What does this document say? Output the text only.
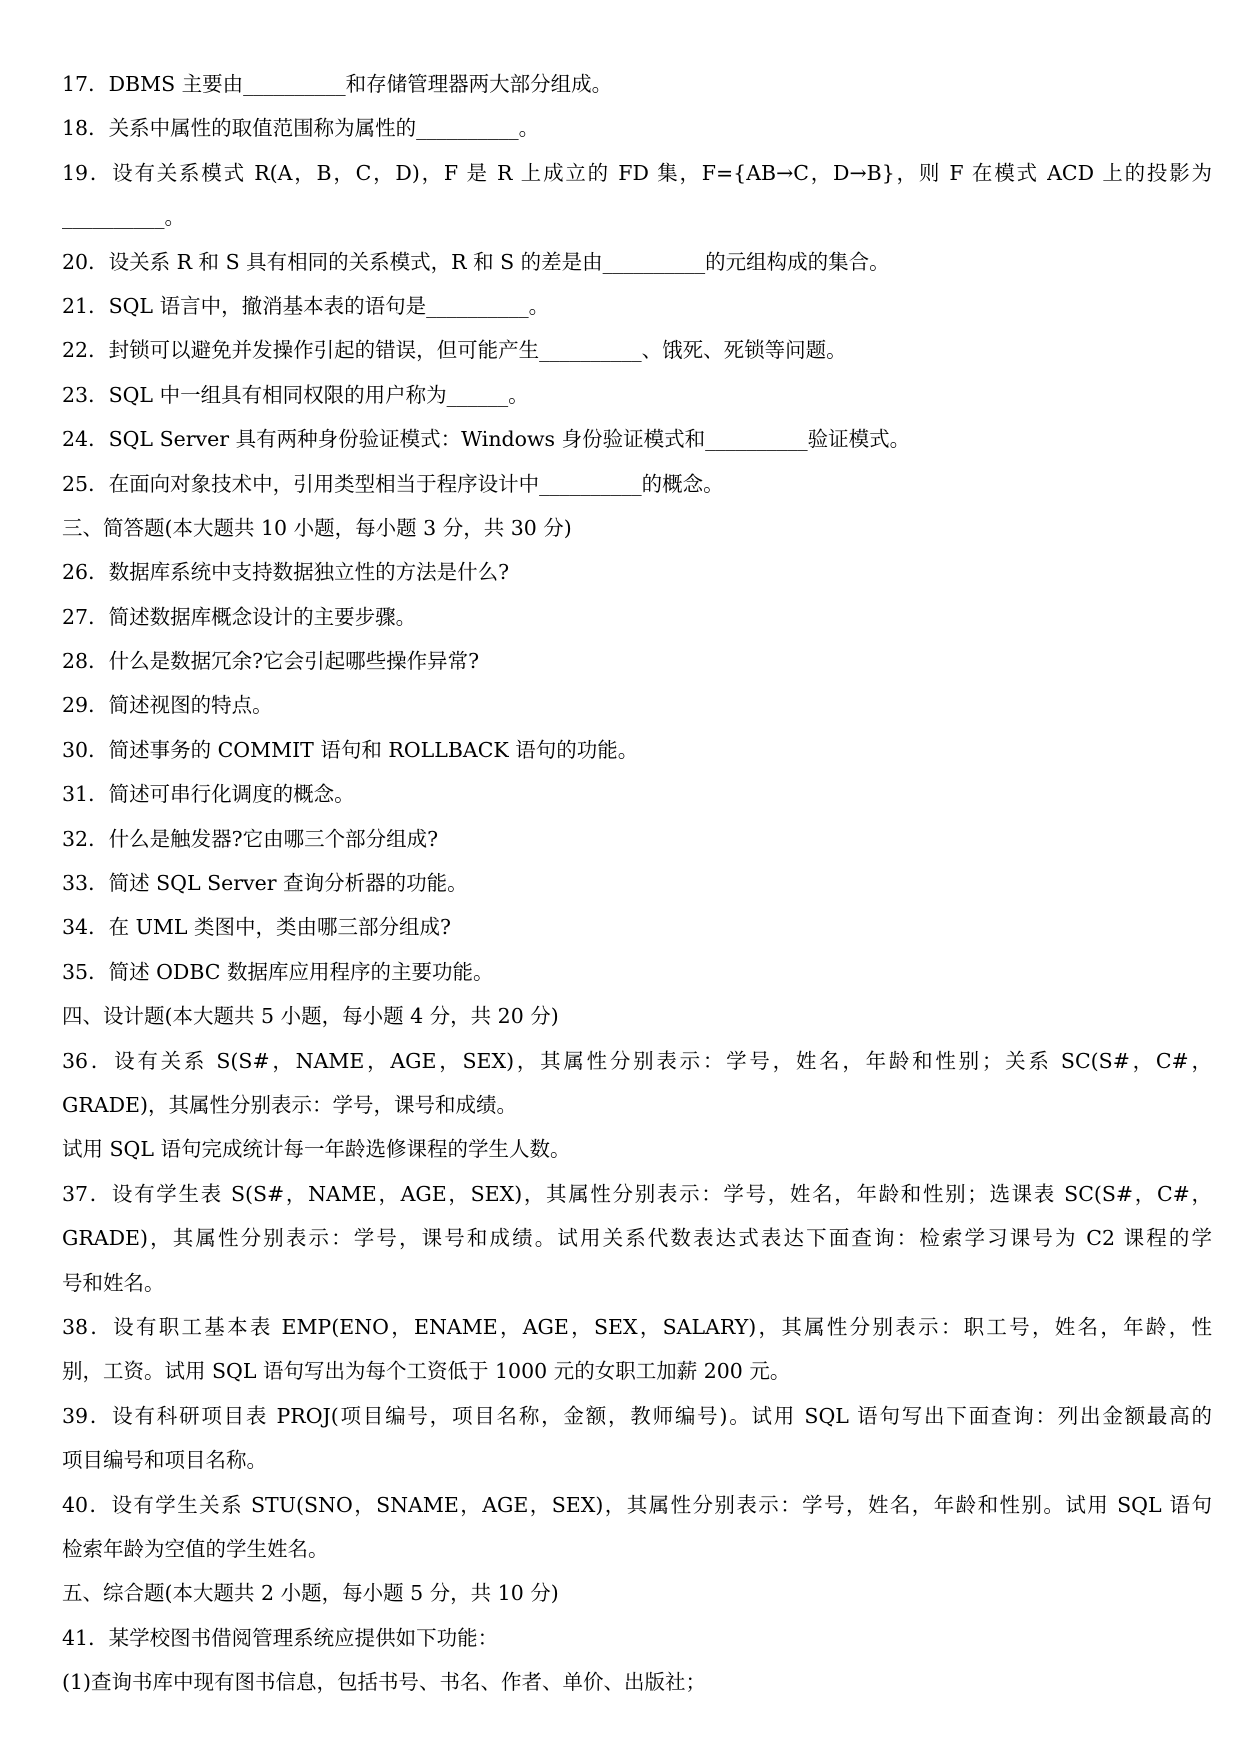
17．DBMS 主要由__________和存储管理器两大部分组成。
18．关系中属性的取值范围称为属性的__________。
19．设有关系模式 R(A，B，C，D)，F 是 R 上成立的 FD 集，F={AB→C，D→B}，则 F 在模式 ACD 上的投影为
__________。
20．设关系 R 和 S 具有相同的关系模式，R 和 S 的差是由__________的元组构成的集合。
21．SQL 语言中，撤消基本表的语句是__________。
22．封锁可以避免并发操作引起的错误，但可能产生__________、饿死、死锁等问题。
23．SQL 中一组具有相同权限的用户称为______。
24．SQL Server 具有两种身份验证模式：Windows 身份验证模式和__________验证模式。
25．在面向对象技术中，引用类型相当于程序设计中__________的概念。
三、简答题(本大题共 10 小题，每小题 3 分，共 30 分)
26．数据库系统中支持数据独立性的方法是什么?
27．简述数据库概念设计的主要步骤。
28．什么是数据冗余?它会引起哪些操作异常?
29．简述视图的特点。
30．简述事务的 COMMIT 语句和 ROLLBACK 语句的功能。
31．简述可串行化调度的概念。
32．什么是触发器?它由哪三个部分组成?
33．简述 SQL Server 查询分析器的功能。
34．在 UML 类图中，类由哪三部分组成?
35．简述 ODBC 数据库应用程序的主要功能。
四、设计题(本大题共 5 小题，每小题 4 分，共 20 分)
36．设有关系 S(S#，NAME，AGE，SEX)，其属性分别表示：学号，姓名，年龄和性别；关系 SC(S#，C#，
GRADE)，其属性分别表示：学号，课号和成绩。
试用 SQL 语句完成统计每一年龄选修课程的学生人数。
37．设有学生表 S(S#，NAME，AGE，SEX)，其属性分别表示：学号，姓名，年龄和性别；选课表 SC(S#，C#，
GRADE)，其属性分别表示：学号，课号和成绩。试用关系代数表达式表达下面查询：检索学习课号为 C2 课程的学
号和姓名。
38．设有职工基本表 EMP(ENO，ENAME，AGE，SEX，SALARY)，其属性分别表示：职工号，姓名，年龄，性
别，工资。试用 SQL 语句写出为每个工资低于 1000 元的女职工加薪 200 元。
39．设有科研项目表 PROJ(项目编号，项目名称，金额，教师编号)。试用 SQL 语句写出下面查询：列出金额最高的
项目编号和项目名称。
40．设有学生关系 STU(SNO，SNAME，AGE，SEX)，其属性分别表示：学号，姓名，年龄和性别。试用 SQL 语句
检索年龄为空值的学生姓名。
五、综合题(本大题共 2 小题，每小题 5 分，共 10 分)
41．某学校图书借阅管理系统应提供如下功能：
(1)查询书库中现有图书信息，包括书号、书名、作者、单价、出版社；
